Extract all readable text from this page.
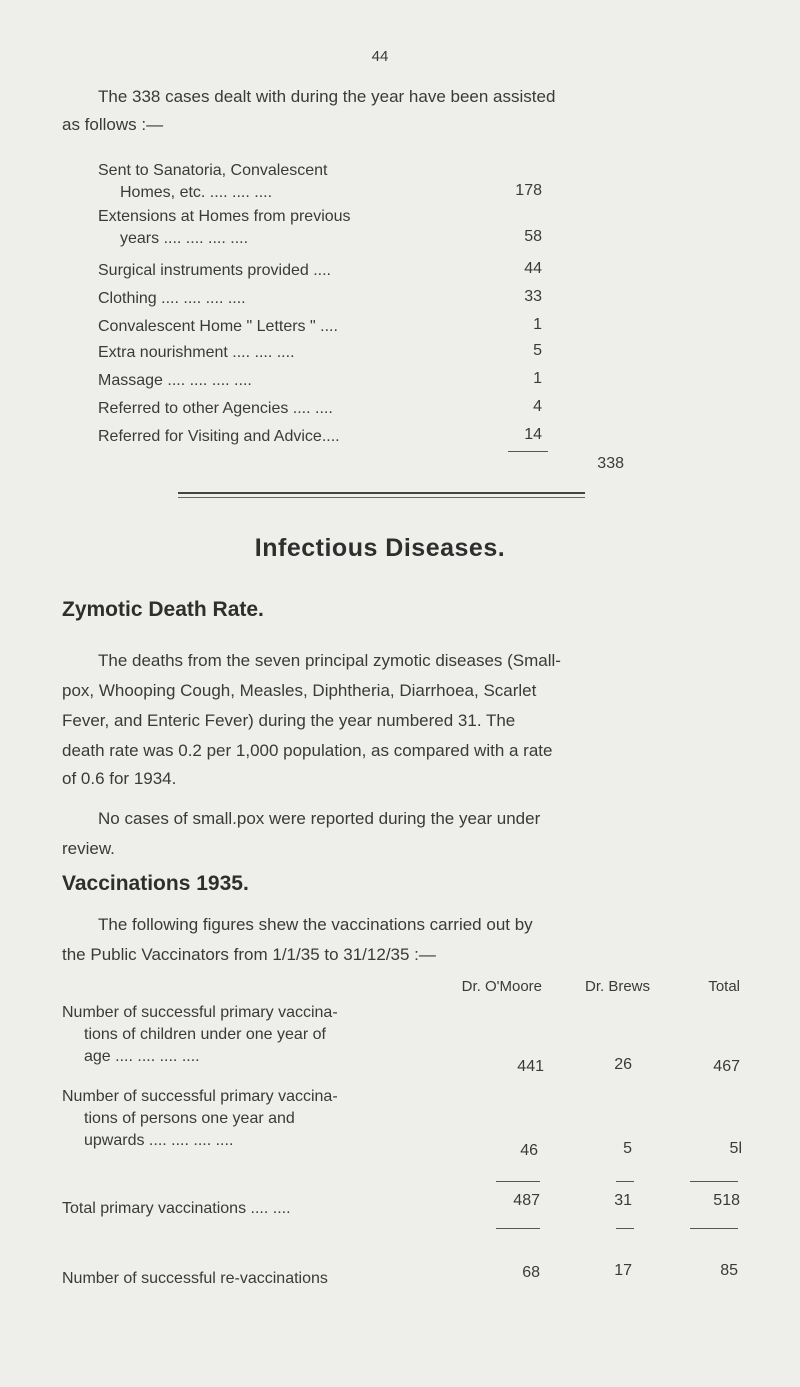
44

The 338 cases dealt with during the year have been assisted

as follows :—

Sent to Sanatoria, Convalescent
Homes, etc. .... .... ....	178
Extensions at Homes from previous
years .... .... .... ....	58
Surgical instruments provided ....	44
Clothing .... .... .... ....	33
Convalescent Home " Letters " ....	1
Extra nourishment .... .... ....	5
Massage .... .... .... ....	1
Referred to other Agencies .... ....	4
Referred for Visiting and Advice....	14
338
Infectious Diseases.
Zymotic Death Rate.

The deaths from the seven principal zymotic diseases (Small-

pox, Whooping Cough, Measles, Diphtheria, Diarrhoea, Scarlet

Fever, and Enteric Fever) during the year numbered 31. The

death rate was 0.2 per 1,000 population, as compared with a rate

of 0.6 for 1934.

No cases of small.pox were reported during the year under

review.

Vaccinations 1935.

The following figures shew the vaccinations carried out by

the Public Vaccinators from 1/1/35 to 31/12/35 :—

Dr. O'Moore	Dr. Brews	Total
Number of successful primary vaccina-
tions of children under one year of
age .... .... .... ....
441	26	467
Number of successful primary vaccina-
tions of persons one year and
upwards .... .... .... ....
46	5	5l
Total primary vaccinations .... ....	487	31	518
Number of successful re-vaccinations	68	17	85
